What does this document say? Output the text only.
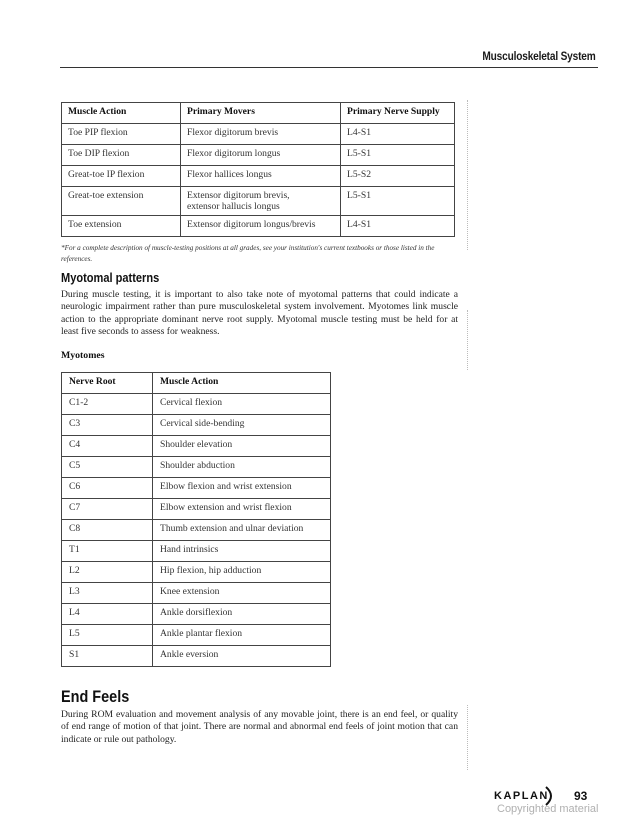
Musculoskeletal System
Muscle Action	Primary Movers	Primary Nerve Supply
Toe PIP flexion	Flexor digitorum brevis	L4-S1
Toe DIP flexion	Flexor digitorum longus	L5-S1
Great-toe IP flexion	Flexor hallices longus	L5-S2
Great-toe extension	Extensor digitorum brevis,
extensor hallucis longus	L5-S1
Toe extension	Extensor digitorum longus/brevis	L4-S1
*For a complete description of muscle-testing positions at all grades, see your institution's current textbooks or those listed in the references.
Myotomal patterns
During muscle testing, it is important to also take note of myotomal patterns that could indicate a neurologic impairment rather than pure musculoskeletal system involvement. Myotomes link muscle action to the appropriate dominant nerve root supply. Myotomal muscle testing must be held for at least five seconds to assess for weakness.
Myotomes
Nerve Root	Muscle Action
C1-2	Cervical flexion
C3	Cervical side-bending
C4	Shoulder elevation
C5	Shoulder abduction
C6	Elbow flexion and wrist extension
C7	Elbow extension and wrist flexion
C8	Thumb extension and ulnar deviation
T1	Hand intrinsics
L2	Hip flexion, hip adduction
L3	Knee extension
L4	Ankle dorsiflexion
L5	Ankle plantar flexion
S1	Ankle eversion
End Feels
During ROM evaluation and movement analysis of any movable joint, there is an end feel, or quality of end range of motion of that joint. There are normal and abnormal end feels of joint motion that can indicate or rule out pathology.
KAPLAN 93
Copyrighted material
